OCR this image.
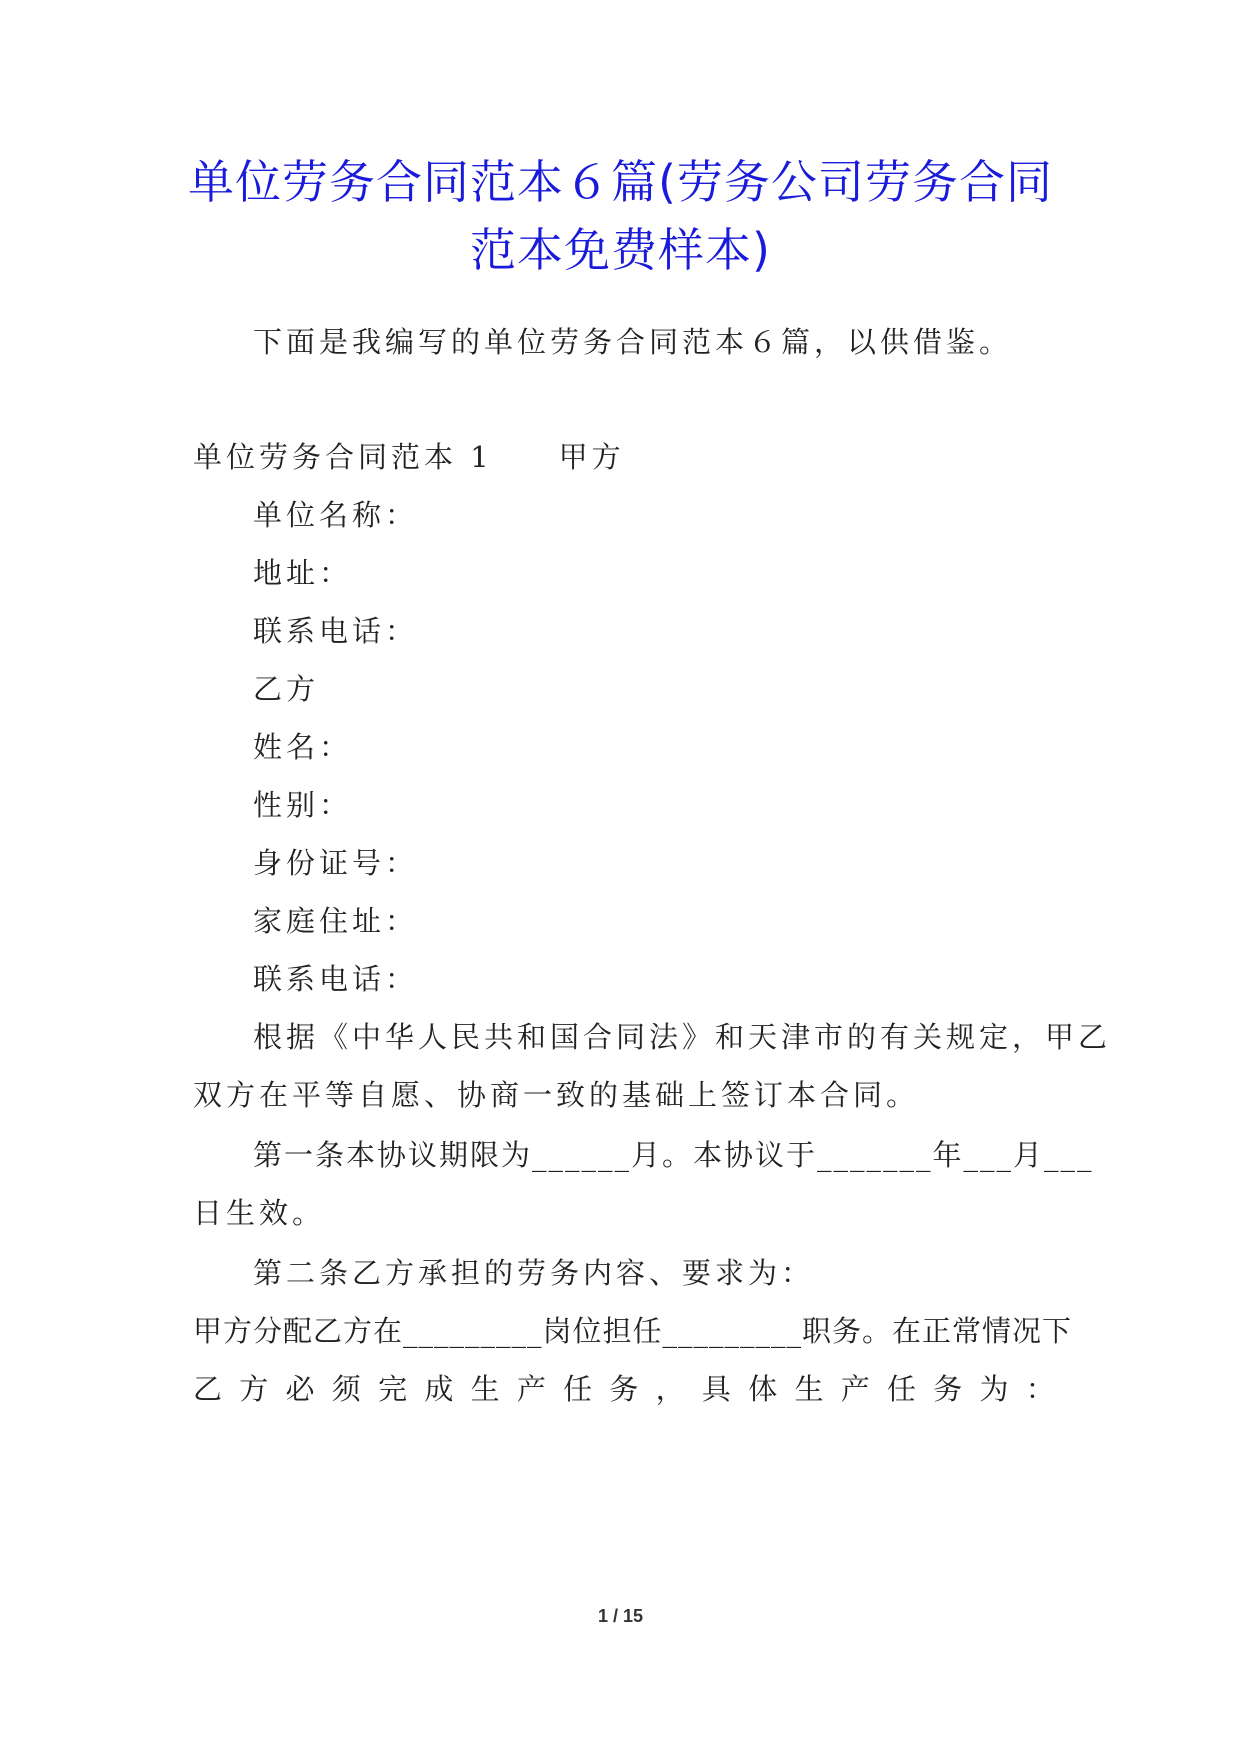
单位劳务合同范本６篇(劳务公司劳务合同
范本免费样本)
下面是我编写的单位劳务合同范本６篇，以供借鉴。
单位劳务合同范本 1 甲方
单位名称：
地址：
联系电话：
乙方
姓名：
性别：
身份证号：
家庭住址：
联系电话：
根据《中华人民共和国合同法》和天津市的有关规定，甲乙
双方在平等自愿、协商一致的基础上签订本合同。
第一条本协议期限为______月。本协议于_______年___月___
日生效。
第二条乙方承担的劳务内容、要求为：
甲方分配乙方在_________岗位担任_________职务。在正常情况下
乙 方 必 须 完 成 生 产 任 务 ， 具 体 生 产 任 务 为 ：
1 / 15
